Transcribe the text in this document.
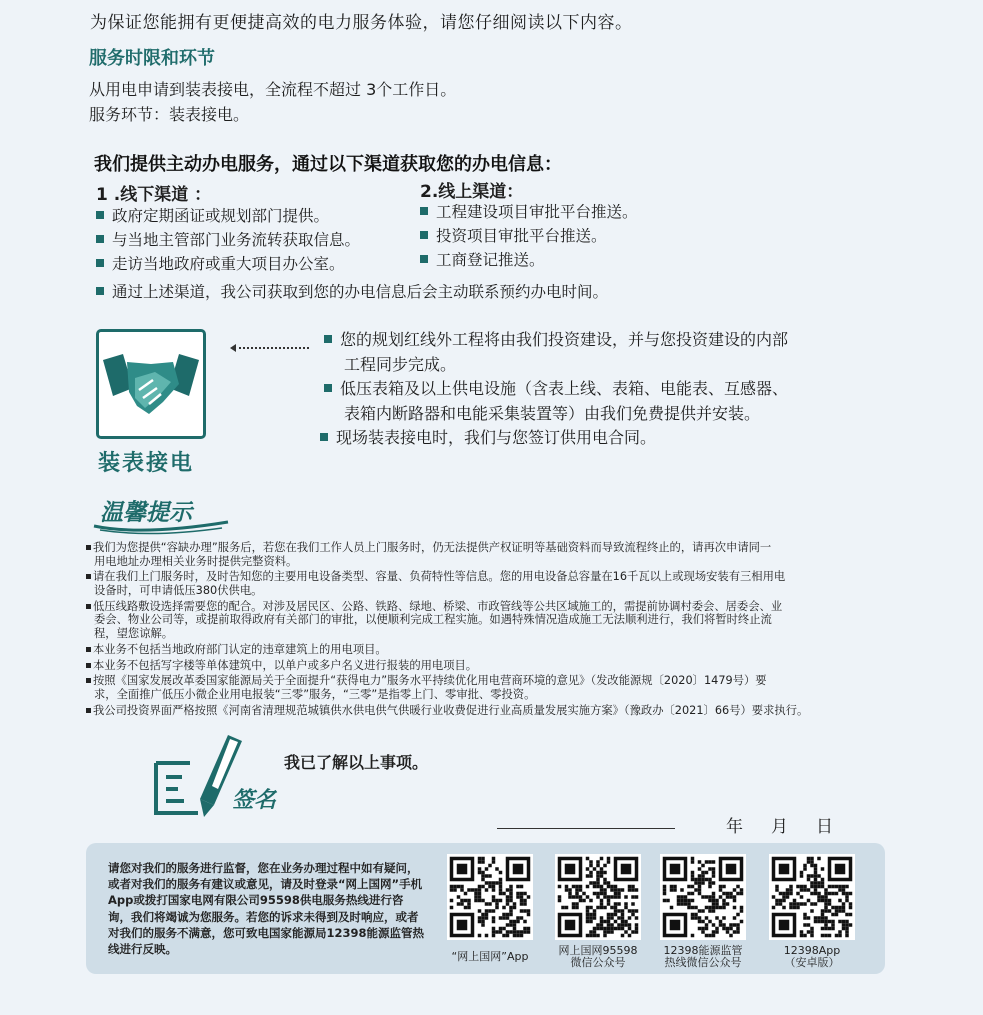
为保证您能拥有更便捷高效的电力服务体验，请您仔细阅读以下内容。
服务时限和环节
从用电申请到装表接电，全流程不超过 3个工作日。
服务环节：装表接电。
我们提供主动办电服务，通过以下渠道获取您的办电信息：
1 .线下渠道 ：	2.线上渠道：
政府定期函证或规划部门提供。
与当地主管部门业务流转获取信息。
走访当地政府或重大项目办公室。
工程建设项目审批平台推送。
投资项目审批平台推送。
工商登记推送。
通过上述渠道，我公司获取到您的办电信息后会主动联系预约办电时间。
装表接电
您的规划红线外工程将由我们投资建设，并与您投资建设的内部
工程同步完成。
低压表箱及以上供电设施（含表上线、表箱、电能表、互感器、
表箱内断路器和电能采集装置等）由我们免费提供并安装。
现场装表接电时，我们与您签订供用电合同。
温馨提示
我们为您提供“容缺办理”服务后，若您在我们工作人员上门服务时，仍无法提供产权证明等基础资料而导致流程终止的，请再次申请同一
用电地址办理相关业务时提供完整资料。
请在我们上门服务时，及时告知您的主要用电设备类型、容量、负荷特性等信息。您的用电设备总容量在16千瓦以上或现场安装有三相用电
设备时，可申请低压380伏供电。
低压线路敷设选择需要您的配合。对涉及居民区、公路、铁路、绿地、桥梁、市政管线等公共区域施工的，需提前协调村委会、居委会、业
委会、物业公司等，或提前取得政府有关部门的审批，以便顺利完成工程实施。如遇特殊情况造成施工无法顺利进行，我们将暂时终止流
程，望您谅解。
本业务不包括当地政府部门认定的违章建筑上的用电项目。
本业务不包括写字楼等单体建筑中，以单户或多户名义进行报装的用电项目。
按照《国家发展改革委国家能源局关于全面提升“获得电力”服务水平持续优化用电营商环境的意见》（发改能源规〔2020〕1479号）要
求，全面推广低压小微企业用电报装“三零”服务，“三零”是指零上门、零审批、零投资。
我公司投资界面严格按照《河南省清理规范城镇供水供电供气供暖行业收费促进行业高质量发展实施方案》（豫政办〔2021〕66号）要求执行。
签名
我已了解以上事项。
年 月 日
请您对我们的服务进行监督，您在业务办理过程中如有疑问，或者对我们的服务有建议或意见，请及时登录“网上国网”手机App或拨打国家电网有限公司95598供电服务热线进行咨询，我们将竭诚为您服务。若您的诉求未得到及时响应，或者对我们的服务不满意，您可致电国家能源局12398能源监管热线进行反映。
“网上国网”App	网上国网95598
微信公众号
12398能源监管
热线微信公众号
12398App
（安卓版）
